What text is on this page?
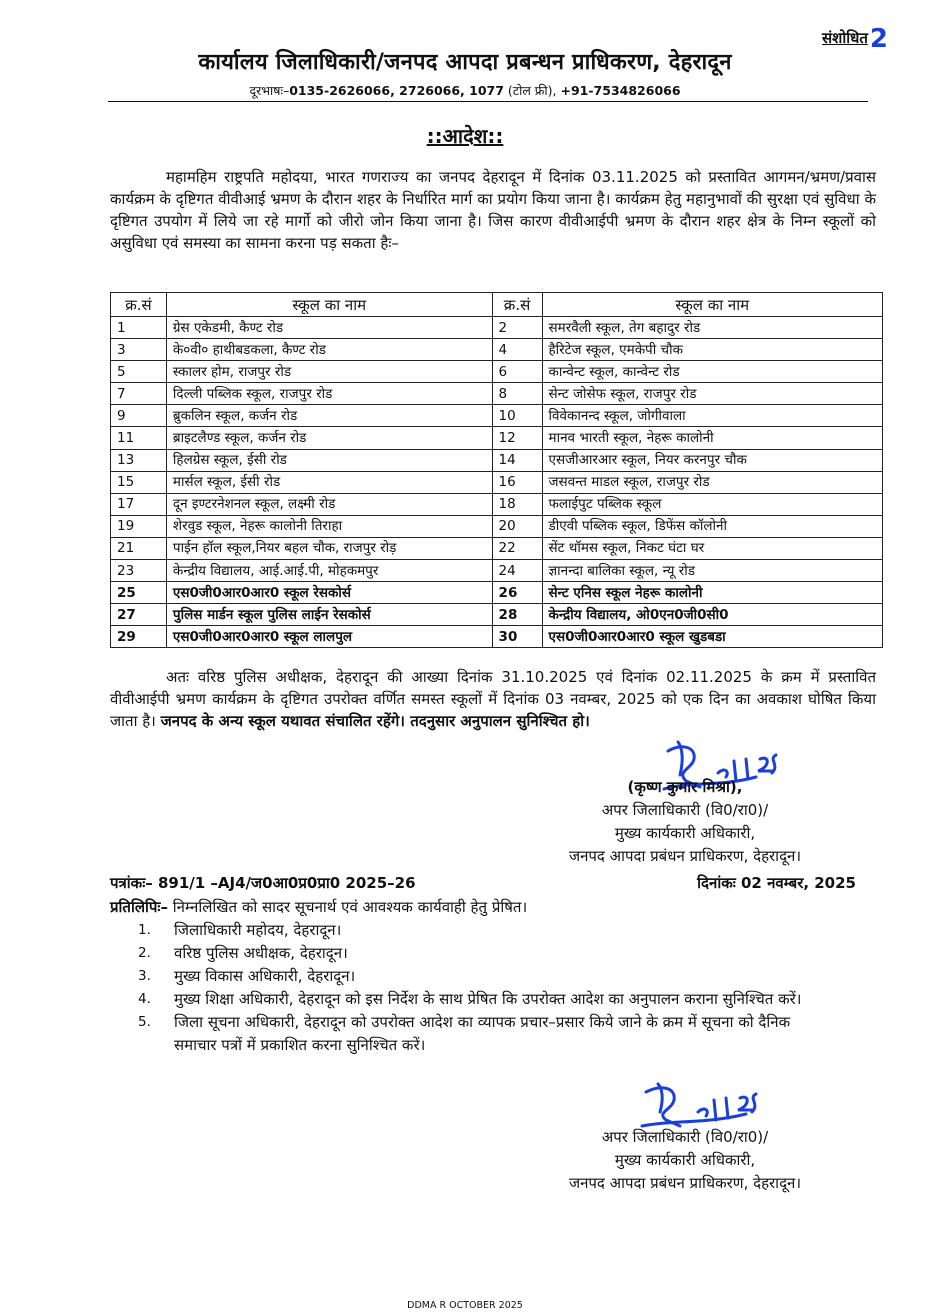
संशोधित2
कार्यालय जिलाधिकारी/जनपद आपदा प्रबन्धन प्राधिकरण, देहरादून
दूरभाषः–0135-2626066, 2726066, 1077 (टोल फ्री), +91-7534826066
::आदेश::

महामहिम राष्ट्रपति महोदया, भारत गणराज्य का जनपद देहरादून में दिनांक 03.11.2025 को प्रस्तावित आगमन/भ्रमण/प्रवास कार्यक्रम के दृष्टिगत वीवीआई भ्रमण के दौरान शहर के निर्धारित मार्ग का प्रयोग किया जाना है। कार्यक्रम हेतु महानुभावों की सुरक्षा एवं सुविधा के दृष्टिगत उपयोग में लिये जा रहे मार्गो को जीरो जोन किया जाना है। जिस कारण वीवीआईपी भ्रमण के दौरान शहर क्षेत्र के निम्न स्कूलों को असुविधा एवं समस्या का सामना करना पड़ सकता हैः–

क्र.सं	स्कूल का नाम	क्र.सं	स्कूल का नाम
1	ग्रेस एकेडमी, कैण्ट रोड	2	समरवैली स्कूल, तेग बहादुर रोड
3	के०वी० हाथीबडकला, कैण्ट रोड	4	हैरिटेज स्कूल, एमकेपी चौक
5	स्कालर होम, राजपुर रोड	6	कान्वेन्ट स्कूल, कान्वेन्ट रोड
7	दिल्ली पब्लिक स्कूल, राजपुर रोड	8	सेन्ट जोसेफ स्कूल, राजपुर रोड
9	ब्रुकलिन स्कूल, कर्जन रोड	10	विवेकानन्द स्कूल, जोगीवाला
11	ब्राइटलैण्ड स्कूल, कर्जन रोड	12	मानव भारती स्कूल, नेहरू कालोनी
13	हिलग्रेस स्कूल, ईसी रोड	14	एसजीआरआर स्कूल, नियर करनपुर चौक
15	मार्सल स्कूल, ईसी रोड	16	जसवन्त माडल स्कूल, राजपुर रोड
17	दून इण्टरनेशनल स्कूल, लक्ष्मी रोड	18	फलाईपुट पब्लिक स्कूल
19	शेरवुड स्कूल, नेहरू कालोनी तिराहा	20	डीएवी पब्लिक स्कूल, डिफेंस कॉलोनी
21	पाईन हॉल स्कूल,नियर बहल चौक, राजपुर रोड़	22	सेंट थॉमस स्कूल, निकट घंटा घर
23	केन्द्रीय विद्यालय, आई.आई.पी, मोहकमपुर	24	ज्ञानन्दा बालिका स्कूल, न्यू रोड
25	एस0जी0आर0आर0 स्कूल रेसकोर्स	26	सेन्ट एनिस स्कूल नेहरू कालोनी
27	पुलिस मार्डन स्कूल पुलिस लाईन रेसकोर्स	28	केन्द्रीय विद्यालय, ओ0एन0जी0सी0
29	एस0जी0आर0आर0 स्कूल लालपुल	30	एस0जी0आर0आर0 स्कूल खुडबडा

अतः वरिष्ठ पुलिस अधीक्षक, देहरादून की आख्या दिनांक 31.10.2025 एवं दिनांक 02.11.2025 के क्रम में प्रस्तावित वीवीआईपी भ्रमण कार्यक्रम के दृष्टिगत उपरोक्त वर्णित समस्त स्कूलों में दिनांक 03 नवम्बर, 2025 को एक दिन का अवकाश घोषित किया जाता है। जनपद के अन्य स्कूल यथावत संचालित रहेंगे। तदनुसार अनुपालन सुनिश्चित हो।

(कृष्ण कुमार मिश्रा),
अपर जिलाधिकारी (वि0/रा0)/
मुख्य कार्यकारी अधिकारी,
जनपद आपदा प्रबंधन प्राधिकरण, देहरादून।
पत्रांकः– 891/1 –AJ4/ज0आ0प्र0प्रा0 2025–26	दिनांकः 02 नवम्बर, 2025
प्रतिलिपिः– निम्नलिखित को सादर सूचनार्थ एवं आवश्यक कार्यवाही हेतु प्रेषित।
1. जिलाधिकारी महोदय, देहरादून।
2. वरिष्ठ पुलिस अधीक्षक, देहरादून।
3. मुख्य विकास अधिकारी, देहरादून।
4. मुख्य शिक्षा अधिकारी, देहरादून को इस निर्देश के साथ प्रेषित कि उपरोक्त आदेश का अनुपालन कराना सुनिश्चित करें।
5. जिला सूचना अधिकारी, देहरादून को उपरोक्त आदेश का व्यापक प्रचार–प्रसार किये जाने के क्रम में सूचना को दैनिक समाचार पत्रों में प्रकाशित करना सुनिश्चित करें।
अपर जिलाधिकारी (वि0/रा0)/
मुख्य कार्यकारी अधिकारी,
जनपद आपदा प्रबंधन प्राधिकरण, देहरादून।
DDMA R OCTOBER 2025
